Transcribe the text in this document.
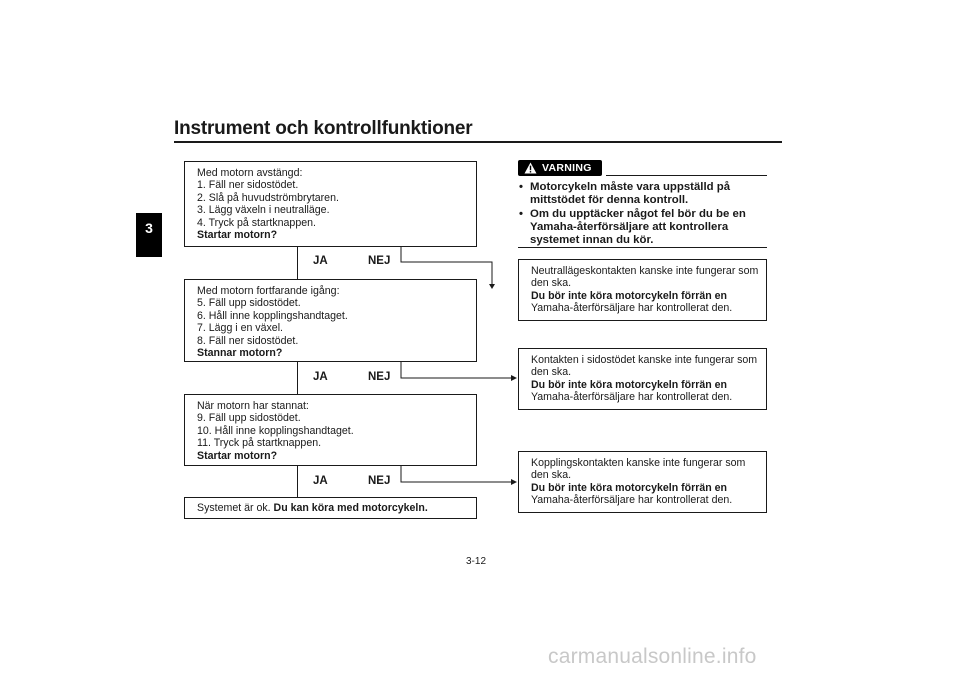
Instrument och kontrollfunktioner
3
Med motorn avstängd:
1. Fäll ner sidostödet.
2. Slå på huvudströmbrytaren.
3. Lägg växeln i neutralläge.
4. Tryck på startknappen.
Startar motorn?
JA	NEJ
Med motorn fortfarande igång:
5. Fäll upp sidostödet.
6. Håll inne kopplingshandtaget.
7. Lägg i en växel.
8. Fäll ner sidostödet.
Stannar motorn?
JA	NEJ
När motorn har stannat:
9. Fäll upp sidostödet.
10. Håll inne kopplingshandtaget.
11. Tryck på startknappen.
Startar motorn?
JA	NEJ
Systemet är ok. Du kan köra med motorcykeln.
VARNING
• Motorcykeln måste vara uppställd på mittstödet för denna kontroll.
• Om du upptäcker något fel bör du be en Yamaha-återförsäljare att kontrollera systemet innan du kör.
Neutrallägeskontakten kanske inte fungerar som
den ska.
Du bör inte köra motorcykeln förrän en
Yamaha-återförsäljare har kontrollerat den.
Kontakten i sidostödet kanske inte fungerar som
den ska.
Du bör inte köra motorcykeln förrän en
Yamaha-återförsäljare har kontrollerat den.
Kopplingskontakten kanske inte fungerar som
den ska.
Du bör inte köra motorcykeln förrän en
Yamaha-återförsäljare har kontrollerat den.
3-12
carmanualsonline.info
